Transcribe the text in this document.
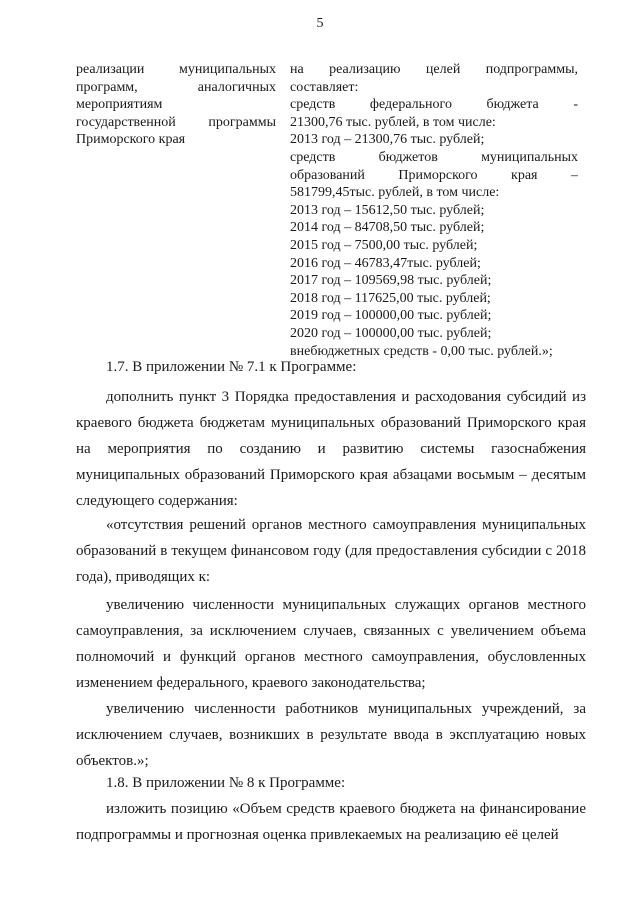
5
реализации муниципальных
программ, аналогичных
мероприятиям
государственной программы
Приморского края
на реализацию целей подпрограммы,
составляет:
средств федерального бюджета -
21300,76 тыс. рублей, в том числе:
2013 год – 21300,76 тыс. рублей;
средств бюджетов муниципальных
образований Приморского края –
581799,45тыс. рублей, в том числе:
2013 год – 15612,50 тыс. рублей;
2014 год – 84708,50 тыс. рублей;
2015 год – 7500,00 тыс. рублей;
2016 год – 46783,47тыс. рублей;
2017 год – 109569,98 тыс. рублей;
2018 год – 117625,00 тыс. рублей;
2019 год – 100000,00 тыс. рублей;
2020 год – 100000,00 тыс. рублей;
внебюджетных средств - 0,00 тыс. рублей.»;
1.7. В приложении № 7.1 к Программе:
дополнить пункт 3 Порядка предоставления и расходования субсидий из краевого бюджета бюджетам муниципальных образований Приморского края на мероприятия по созданию и развитию системы газоснабжения муниципальных образований Приморского края абзацами восьмым – десятым следующего содержания:
«отсутствия решений органов местного самоуправления муниципальных образований в текущем финансовом году (для предоставления субсидии с 2018 года), приводящих к:
увеличению численности муниципальных служащих органов местного самоуправления, за исключением случаев, связанных с увеличением объема полномочий и функций органов местного самоуправления, обусловленных изменением федерального, краевого законодательства;
увеличению численности работников муниципальных учреждений, за исключением случаев, возникших в результате ввода в эксплуатацию новых объектов.»;
1.8. В приложении № 8 к Программе:
изложить позицию «Объем средств краевого бюджета на финансирование подпрограммы и прогнозная оценка привлекаемых на реализацию её целей
